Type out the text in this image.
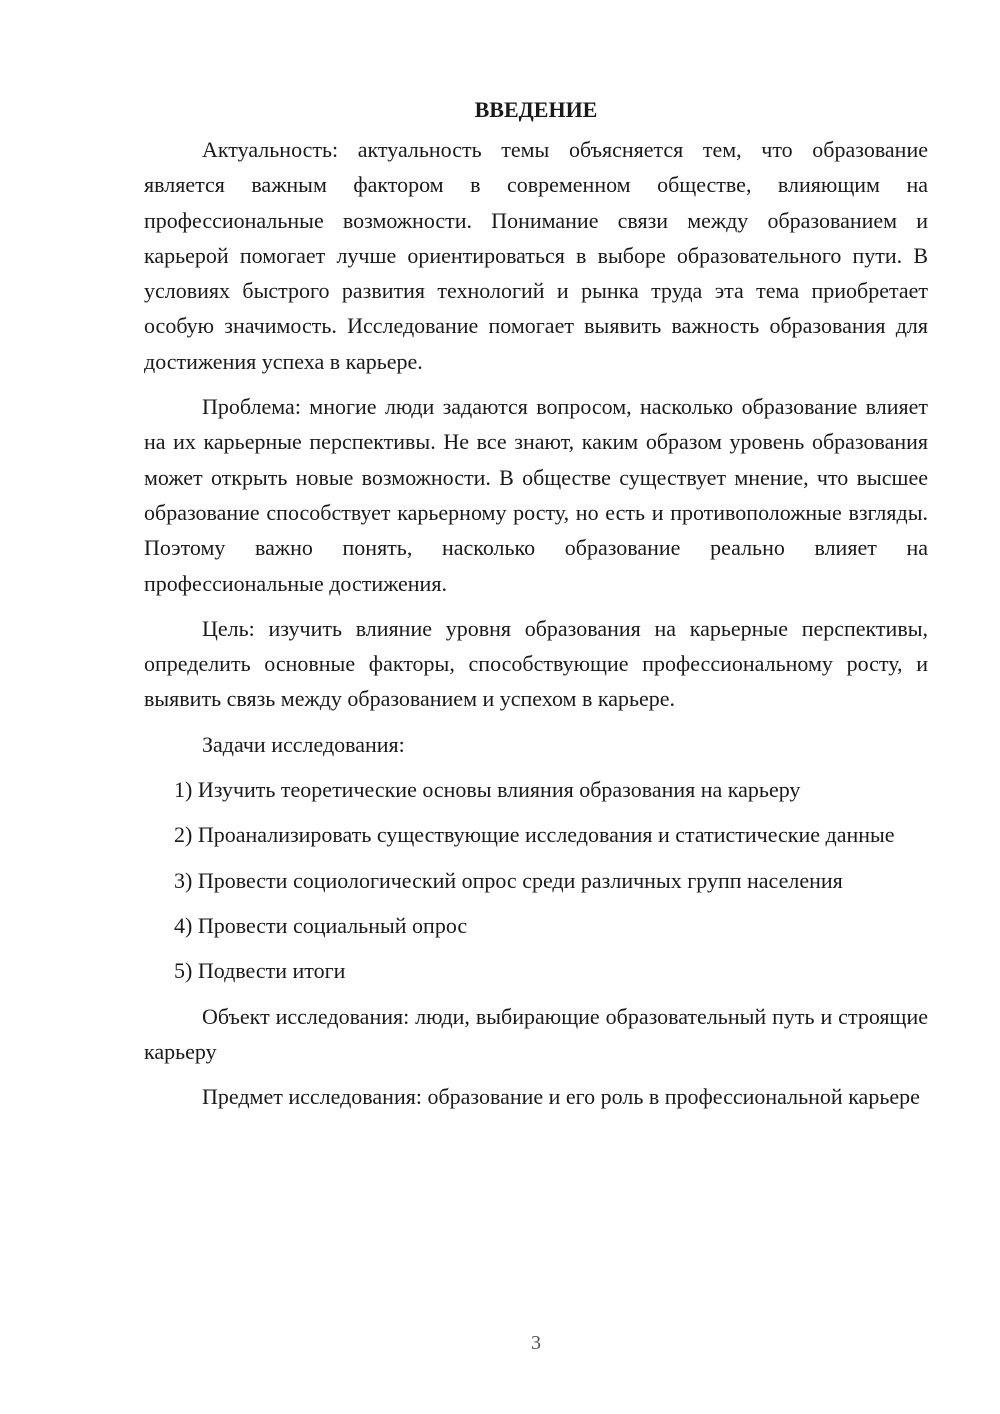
ВВЕДЕНИЕ

Актуальность: актуальность темы объясняется тем, что образование является важным фактором в современном обществе, влияющим на профессиональные возможности. Понимание связи между образованием и карьерой помогает лучше ориентироваться в выборе образовательного пути. В условиях быстрого развития технологий и рынка труда эта тема приобретает особую значимость. Исследование помогает выявить важность образования для достижения успеха в карьере.

Проблема: многие люди задаются вопросом, насколько образование влияет на их карьерные перспективы. Не все знают, каким образом уровень образования может открыть новые возможности. В обществе существует мнение, что высшее образование способствует карьерному росту, но есть и противоположные взгляды. Поэтому важно понять, насколько образование реально влияет на профессиональные достижения.

Цель: изучить влияние уровня образования на карьерные перспективы, определить основные факторы, способствующие профессиональному росту, и выявить связь между образованием и успехом в карьере.

Задачи исследования:

1) Изучить теоретические основы влияния образования на карьеру

2) Проанализировать существующие исследования и статистические данные

3) Провести социологический опрос среди различных групп населения

4) Провести социальный опрос

5) Подвести итоги

Объект исследования: люди, выбирающие образовательный путь и строящие карьеру

Предмет исследования: образование и его роль в профессиональной карьере

3
